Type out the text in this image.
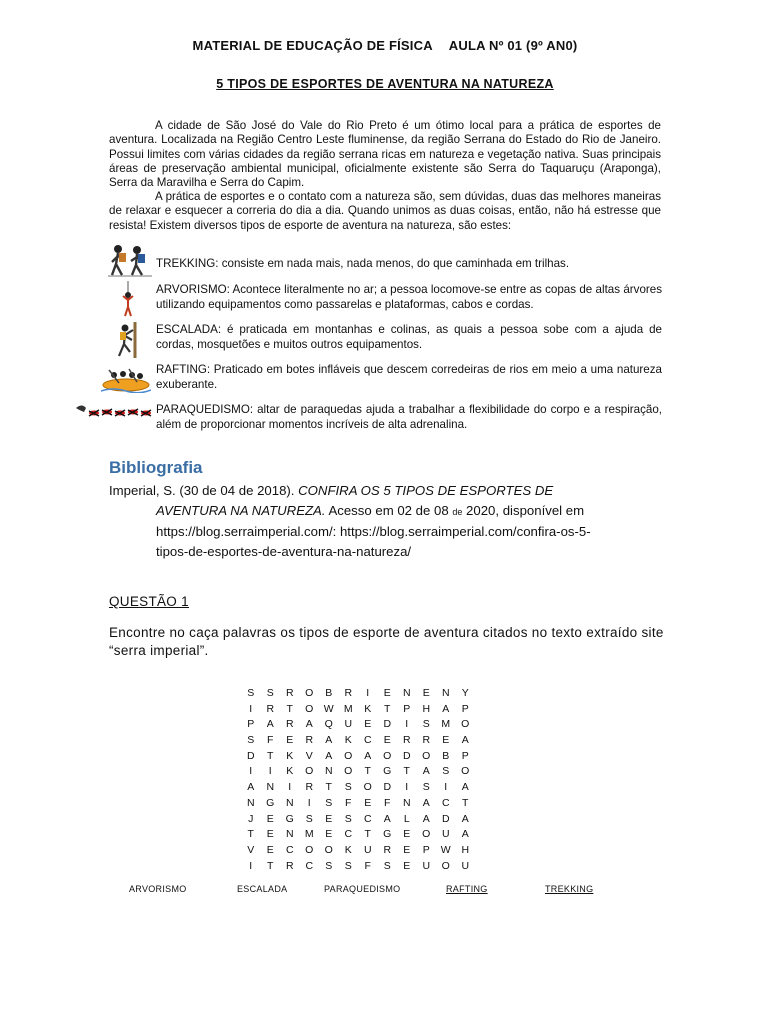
MATERIAL DE EDUCAÇÃO DE FÍSICA AULA Nº 01 (9º AN0)
5 TIPOS DE ESPORTES DE AVENTURA NA NATUREZA
A cidade de São José do Vale do Rio Preto é um ótimo local para a prática de esportes de aventura. Localizada na Região Centro Leste fluminense, da região Serrana do Estado do Rio de Janeiro. Possui limites com várias cidades da região serrana ricas em natureza e vegetação nativa. Suas principais áreas de preservação ambiental municipal, oficialmente existente são Serra do Taquaruçu (Araponga), Serra da Maravilha e Serra do Capim.
A prática de esportes e o contato com a natureza são, sem dúvidas, duas das melhores maneiras de relaxar e esquecer a correria do dia a dia. Quando unimos as duas coisas, então, não há estresse que resista! Existem diversos tipos de esporte de aventura na natureza, são estes:
TREKKING: consiste em nada mais, nada menos, do que caminhada em trilhas.
ARVORISMO: Acontece literalmente no ar; a pessoa locomove-se entre as copas de altas árvores utilizando equipamentos como passarelas e plataformas, cabos e cordas.
ESCALADA: é praticada em montanhas e colinas, as quais a pessoa sobe com a ajuda de cordas, mosquetões e muitos outros equipamentos.
RAFTING: Praticado em botes infláveis que descem corredeiras de rios em meio a uma natureza exuberante.
PARAQUEDISMO: altar de paraquedas ajuda a trabalhar a flexibilidade do corpo e a respiração, além de proporcionar momentos incríveis de alta adrenalina.
Bibliografia
Imperial, S. (30 de 04 de 2018). CONFIRA OS 5 TIPOS DE ESPORTES DE
AVENTURA NA NATUREZA. Acesso em 02 de 08 de 2020, disponível em
https://blog.serraimperial.com/: https://blog.serraimperial.com/confira-os-5-
tipos-de-esportes-de-aventura-na-natureza/
QUESTÃO 1
Encontre no caça palavras os tipos de esporte de aventura citados no texto extraído site “serra imperial”.
S S R O B R I E N E N Y
I R T O W M K T P H A P
P A R A Q U E D I S M O
S F E R A K C E R R E A
D T K V A O A O D O B P
I I K O N O T G T A S O
A N I R T S O D I S I A
N G N I S F E F N A C T
J E G S E S C A L A D A
T E N M E C T G E O U A
V E C O O K U R E P W H
I T R C S S F S E U O U
ARVORISMO	ESCALADA	PARAQUEDISMO	RAFTING	TREKKING
